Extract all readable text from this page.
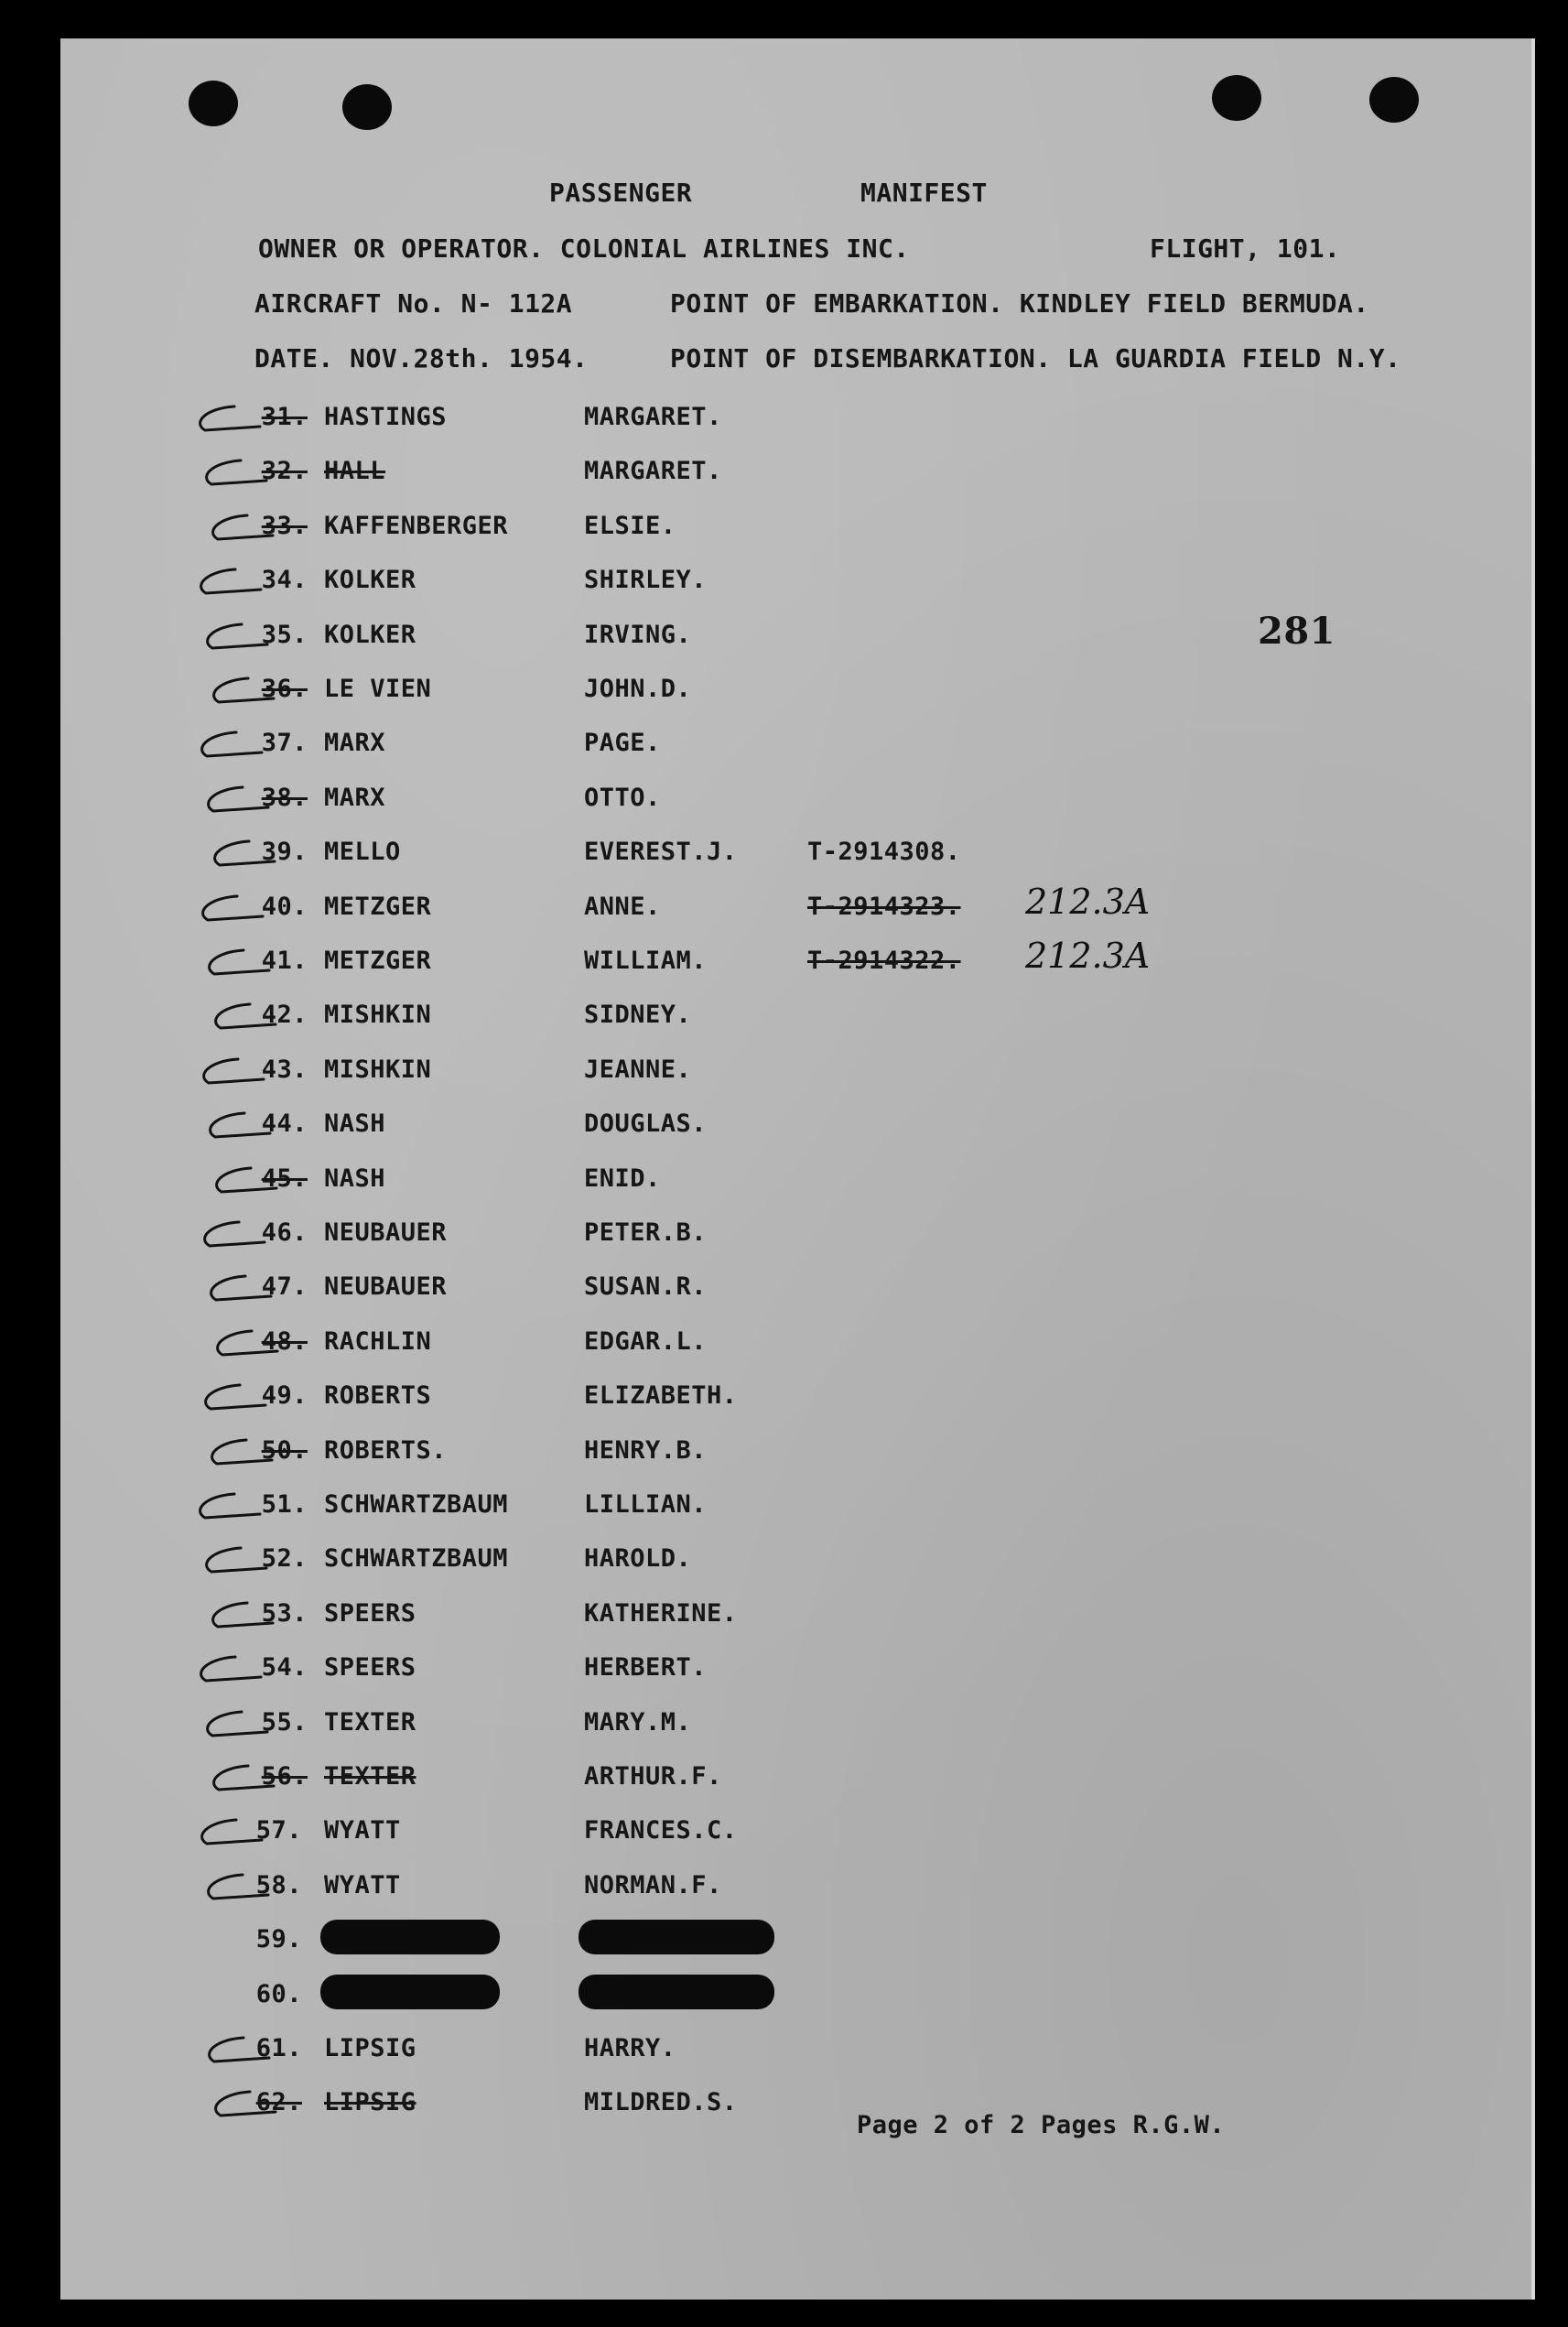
PASSENGER	MANIFEST
OWNER OR OPERATOR. COLONIAL AIRLINES INC.	FLIGHT, 101.
AIRCRAFT No. N- 112A	POINT OF EMBARKATION. KINDLEY FIELD BERMUDA.
DATE. NOV.28th. 1954.	POINT OF DISEMBARKATION. LA GUARDIA FIELD N.Y.
281
31. HASTINGS	MARGARET.
32. HALL	MARGARET.
33. KAFFENBERGER	ELSIE.
34. KOLKER	SHIRLEY.
35. KOLKER	IRVING.
36. LE VIEN	JOHN.D.
37. MARX	PAGE.
38. MARX	OTTO.
39. MELLO	EVEREST.J.	T-2914308.
40. METZGER	ANNE.	T-2914323. 212.3A
41. METZGER	WILLIAM.	T-2914322. 212.3A
42. MISHKIN	SIDNEY.
43. MISHKIN	JEANNE.
44. NASH	DOUGLAS.
45. NASH	ENID.
46. NEUBAUER	PETER.B.
47. NEUBAUER	SUSAN.R.
48. RACHLIN	EDGAR.L.
49. ROBERTS	ELIZABETH.
50. ROBERTS.	HENRY.B.
51. SCHWARTZBAUM	LILLIAN.
52. SCHWARTZBAUM	HAROLD.
53. SPEERS	KATHERINE.
54. SPEERS	HERBERT.
55. TEXTER	MARY.M.
56. TEXTER	ARTHUR.F.
57. WYATT	FRANCES.C.
58. WYATT	NORMAN.F.
59.
60.
61. LIPSIG	HARRY.
62. LIPSIG	MILDRED.S.
Page 2 of 2 Pages R.G.W.
